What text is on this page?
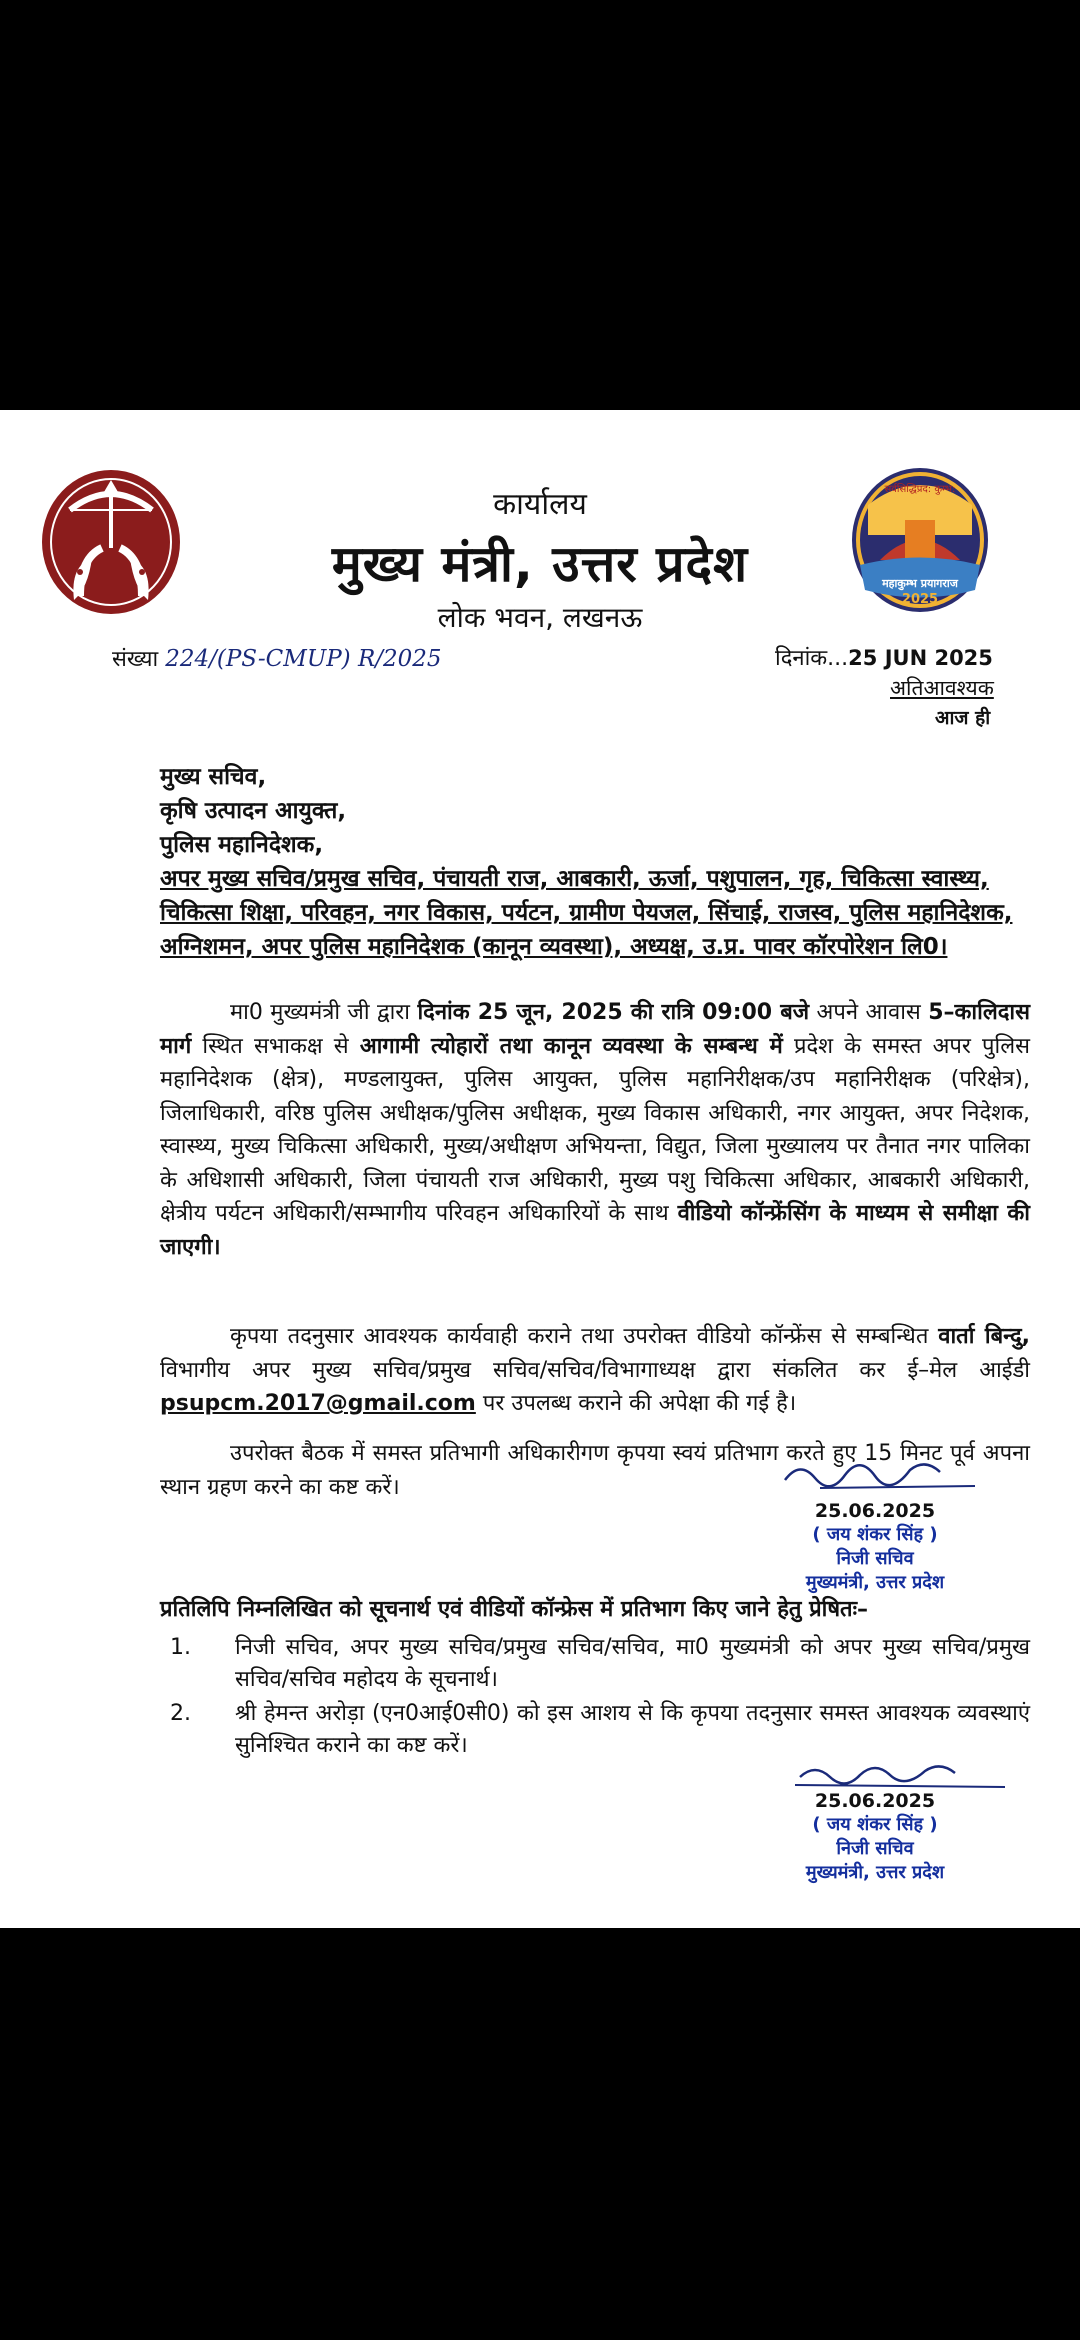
सर्वसिद्धिप्रद: कुम्भ:
महाकुम्भ प्रयागराज
2025
कार्यालय
मुख्य मंत्री, उत्तर प्रदेश
लोक भवन, लखनऊ
संख्या 224/(PS-CMUP) R/2025	दिनांक...25 JUN 2025
अतिआवश्यक
आज ही
मुख्य सचिव,
कृषि उत्पादन आयुक्त,
पुलिस महानिदेशक,
अपर मुख्य सचिव/प्रमुख सचिव, पंचायती राज, आबकारी, ऊर्जा, पशुपालन, गृह, चिकित्सा स्वास्थ्य, चिकित्सा शिक्षा, परिवहन, नगर विकास, पर्यटन, ग्रामीण पेयजल, सिंचाई, राजस्व, पुलिस महानिदेशक, अग्निशमन, अपर पुलिस महानिदेशक (कानून व्यवस्था), अध्यक्ष, उ.प्र. पावर कॉरपोरेशन लि0।
मा0 मुख्यमंत्री जी द्वारा दिनांक 25 जून, 2025 की रात्रि 09:00 बजे अपने आवास 5–कालिदास मार्ग स्थित सभाकक्ष से आगामी त्योहारों तथा कानून व्यवस्था के सम्बन्ध में प्रदेश के समस्त अपर पुलिस महानिदेशक (क्षेत्र), मण्डलायुक्त, पुलिस आयुक्त, पुलिस महानिरीक्षक/उप महानिरीक्षक (परिक्षेत्र), जिलाधिकारी, वरिष्ठ पुलिस अधीक्षक/पुलिस अधीक्षक, मुख्य विकास अधिकारी, नगर आयुक्त, अपर निदेशक, स्वास्थ्य, मुख्य चिकित्सा अधिकारी, मुख्य/अधीक्षण अभियन्ता, विद्युत, जिला मुख्यालय पर तैनात नगर पालिका के अधिशासी अधिकारी, जिला पंचायती राज अधिकारी, मुख्य पशु चिकित्सा अधिकार, आबकारी अधिकारी, क्षेत्रीय पर्यटन अधिकारी/सम्भागीय परिवहन अधिकारियों के साथ वीडियो कॉन्फ्रेंसिंग के माध्यम से समीक्षा की जाएगी।
कृपया तदनुसार आवश्यक कार्यवाही कराने तथा उपरोक्त वीडियो कॉन्फ्रेंस से सम्बन्धित वार्ता बिन्दु, विभागीय अपर मुख्य सचिव/प्रमुख सचिव/सचिव/विभागाध्यक्ष द्वारा संकलित कर ई–मेल आईडी psupcm.2017@gmail.com पर उपलब्ध कराने की अपेक्षा की गई है।
उपरोक्त बैठक में समस्त प्रतिभागी अधिकारीगण कृपया स्वयं प्रतिभाग करते हुए 15 मिनट पूर्व अपना स्थान ग्रहण करने का कष्ट करें।
25.06.2025
( जय शंकर सिंह )
निजी सचिव
मुख्यमंत्री, उत्तर प्रदेश
प्रतिलिपि निम्नलिखित को सूचनार्थ एवं वीडियों कॉन्फ्रेस में प्रतिभाग किए जाने हेतु प्रेषितः–
1. निजी सचिव, अपर मुख्य सचिव/प्रमुख सचिव/सचिव, मा0 मुख्यमंत्री को अपर मुख्य सचिव/प्रमुख सचिव/सचिव महोदय के सूचनार्थ।
2. श्री हेमन्त अरोड़ा (एन0आई0सी0) को इस आशय से कि कृपया तदनुसार समस्त आवश्यक व्यवस्थाएं सुनिश्चित कराने का कष्ट करें।
25.06.2025
( जय शंकर सिंह )
निजी सचिव
मुख्यमंत्री, उत्तर प्रदेश
